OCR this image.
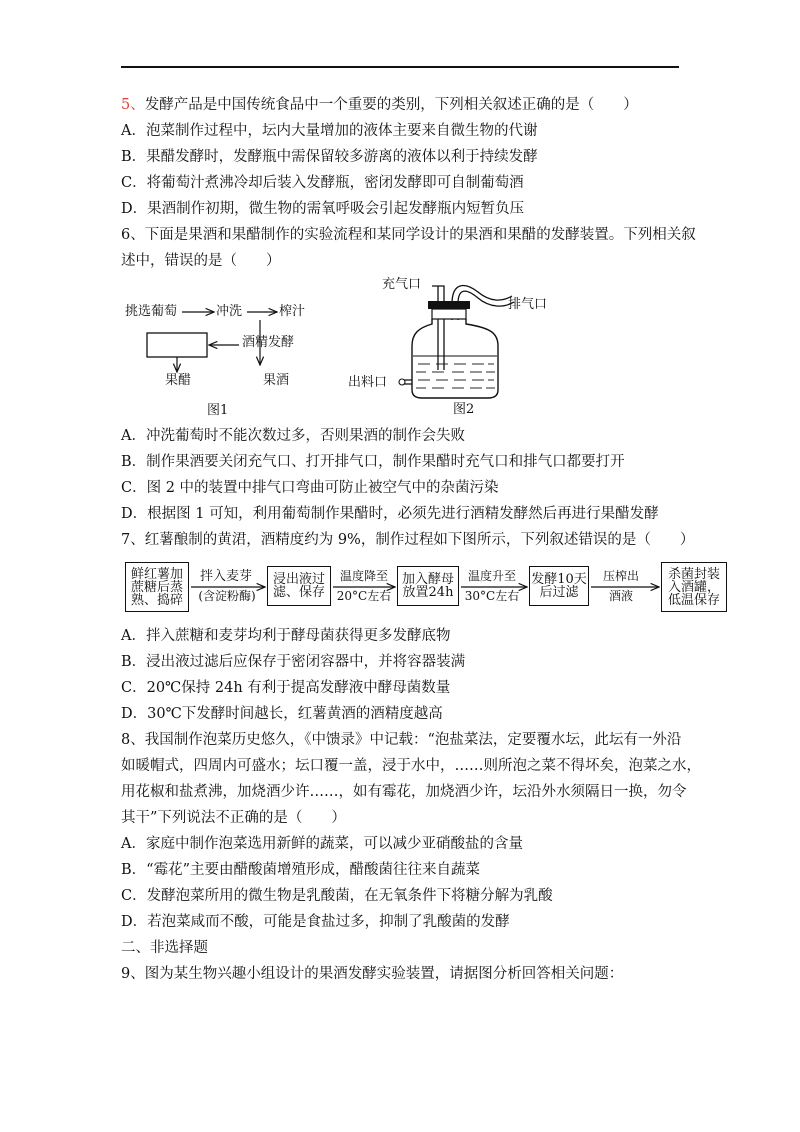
5、发酵产品是中国传统食品中一个重要的类别，下列相关叙述正确的是（　　）
A．泡菜制作过程中，坛内大量增加的液体主要来自微生物的代谢
B．果醋发酵时，发酵瓶中需保留较多游离的液体以利于持续发酵
C．将葡萄汁煮沸冷却后装入发酵瓶，密闭发酵即可自制葡萄酒
D．果酒制作初期，微生物的需氧呼吸会引起发酵瓶内短暂负压
6、下面是果酒和果醋制作的实验流程和某同学设计的果酒和果醋的发酵装置。下列相关叙
述中，错误的是（　　）
挑选葡萄	冲洗	榨汁
酒精发酵
果醋	果酒
图1
充气口
排气口
出料口
图2
A．冲洗葡萄时不能次数过多，否则果酒的制作会失败
B．制作果酒要关闭充气口、打开排气口，制作果醋时充气口和排气口都要打开
C．图 2 中的装置中排气口弯曲可防止被空气中的杂菌污染
D．根据图 1 可知，利用葡萄制作果醋时，必须先进行酒精发酵然后再进行果醋发酵
7、红薯酿制的黄涒，酒精度约为 9%，制作过程如下图所示，下列叙述错误的是（　　）
鲜红薯加蔗糖后蒸熟、捣碎
拌入麦芽
(含淀粉酶)
浸出液过滤、保存
温度降至
20°C左右
加入酵母放置24h
温度升至
30°C左右
发酵10天后过滤
压榨出
酒液
杀菌封装入酒罐，低温保存
A．拌入蔗糖和麦芽均利于酵母菌获得更多发酵底物
B．浸出液过滤后应保存于密闭容器中，并将容器装满
C．20℃保持 24h 有利于提高发酵液中酵母菌数量
D．30℃下发酵时间越长，红薯黄酒的酒精度越高
8、我国制作泡菜历史悠久，《中馈录》中记载：“泡盐菜法，定要覆水坛，此坛有一外沿
如暖帽式，四周内可盛水；坛口覆一盖，浸于水中，……则所泡之菜不得坏矣，泡菜之水，
用花椒和盐煮沸，加烧酒少许……，如有霉花，加烧酒少许，坛沿外水须隔日一换，勿令
其干”下列说法不正确的是（　　）
A．家庭中制作泡菜选用新鲜的蔬菜，可以减少亚硝酸盐的含量
B．“霉花”主要由醋酸菌增殖形成，醋酸菌往往来自蔬菜
C．发酵泡菜所用的微生物是乳酸菌，在无氧条件下将糖分解为乳酸
D．若泡菜咸而不酸，可能是食盐过多，抑制了乳酸菌的发酵
二、非选择题
9、图为某生物兴趣小组设计的果酒发酵实验装置，请据图分析回答相关问题：
